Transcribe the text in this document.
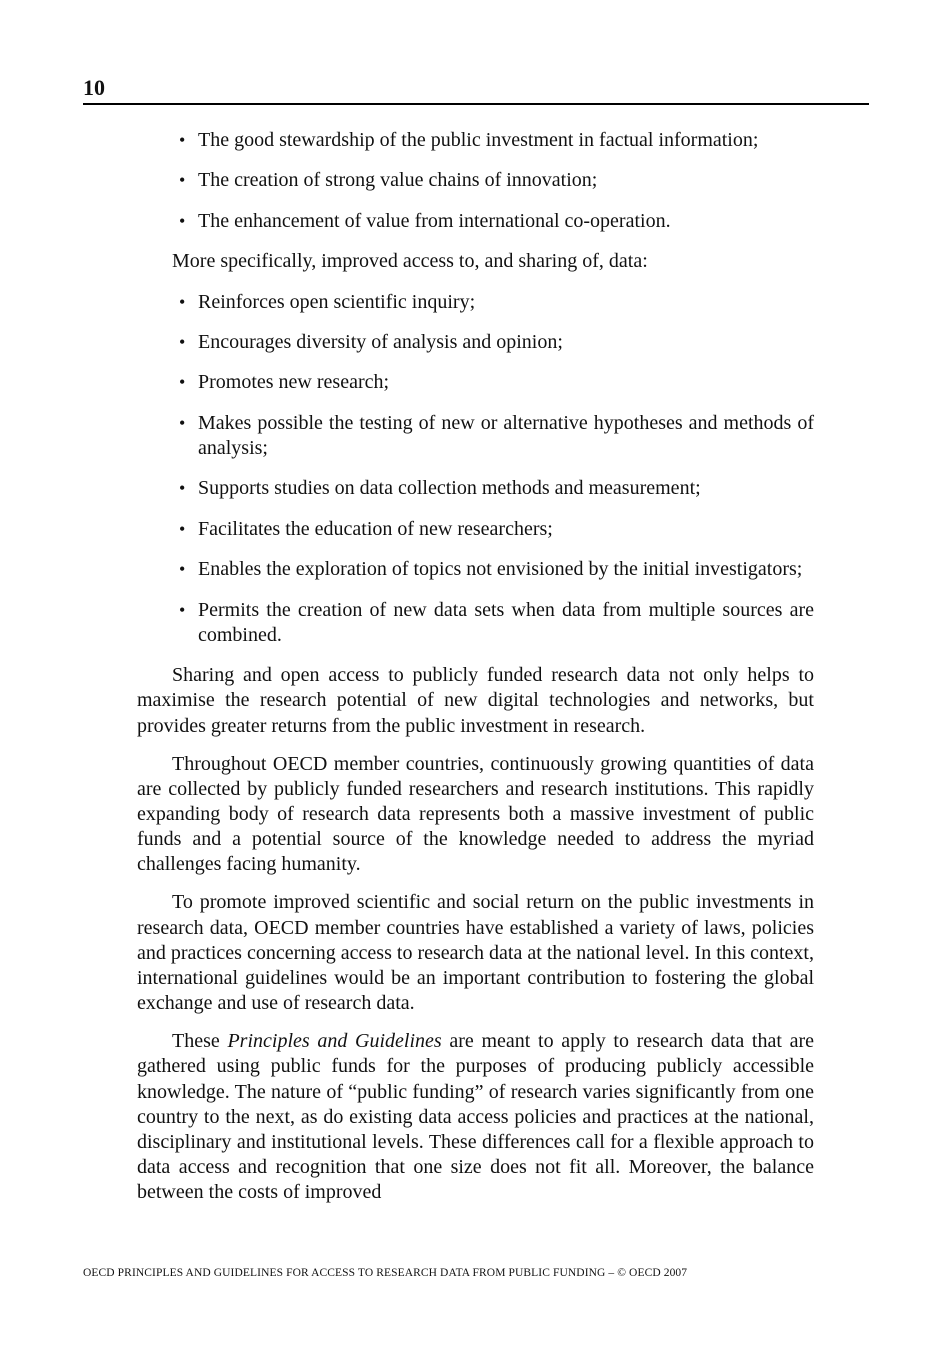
10
• The good stewardship of the public investment in factual information;
• The creation of strong value chains of innovation;
• The enhancement of value from international co-operation.

More specifically, improved access to, and sharing of, data:

• Reinforces open scientific inquiry;
• Encourages diversity of analysis and opinion;
• Promotes new research;
• Makes possible the testing of new or alternative hypotheses and methods of analysis;
• Supports studies on data collection methods and measurement;
• Facilitates the education of new researchers;
• Enables the exploration of topics not envisioned by the initial investigators;
• Permits the creation of new data sets when data from multiple sources are combined.

Sharing and open access to publicly funded research data not only helps to maximise the research potential of new digital technologies and networks, but provides greater returns from the public investment in research.

Throughout OECD member countries, continuously growing quantities of data are collected by publicly funded researchers and research institutions. This rapidly expanding body of research data represents both a massive investment of public funds and a potential source of the knowledge needed to address the myriad challenges facing humanity.

To promote improved scientific and social return on the public investments in research data, OECD member countries have established a variety of laws, policies and practices concerning access to research data at the national level. In this context, international guidelines would be an important contribution to fostering the global exchange and use of research data.

These Principles and Guidelines are meant to apply to research data that are gathered using public funds for the purposes of producing publicly accessible knowledge. The nature of “public funding” of research varies significantly from one country to the next, as do existing data access policies and practices at the national, disciplinary and institutional levels. These differences call for a flexible approach to data access and recognition that one size does not fit all. Moreover, the balance between the costs of improved

OECD PRINCIPLES AND GUIDELINES FOR ACCESS TO RESEARCH DATA FROM PUBLIC FUNDING – © OECD 2007
